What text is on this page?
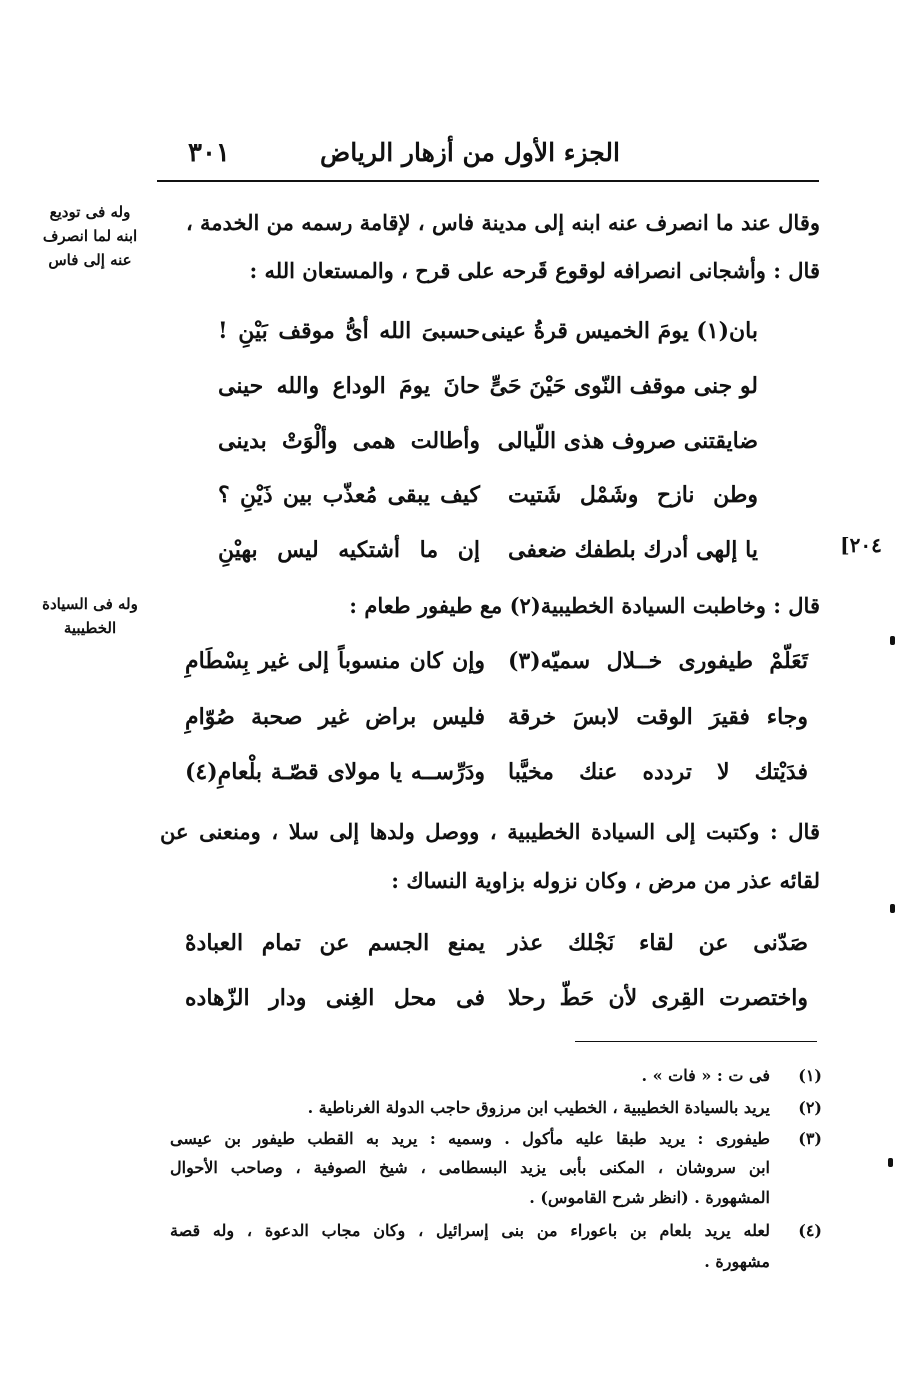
الجزء الأول من أزهار الرياض
٣٠١
وله فى توديع
ابنه لما انصرف
عنه إلى فاس
وله فى السيادة
الخطيبية
[٢٠٤
وقال عند ما انصرف عنه ابنه إلى مدينة فاس ، لإقامة رسمه من الخدمة ،
قال : وأشجانى انصرافه لوقوع قَرحه على قرح ، والمستعان الله :
بان(١) يومَ الخميس قرةُ عينى
حسبىَ الله أىُّ موقف بَيْنِ !
لو جنى موقف النّوى حَيْنَ حَىٍّ
حانَ يومَ الوداع والله حينى
ضايقتنى صروف هذى اللّيالى
وأطالت همى وألْوَتْ بدينى
وطن نازح وشَمْل شَتيت
كيف يبقى مُعذّب بين ذَيْنِ ؟
يا إلهى أدرك بلطفك ضعفى
إن ما أشتكيه ليس بهيْنِ
قال : وخاطبت السيادة الخطيبية(٢) مع طيفور طعام :
تَعَلّمْ طيفورى خــلال سميّه(٣)
وإن كان منسوباً إلى غير بِسْطَامِ
وجاء فقيرَ الوقت لابسَ خرقة
فليس براض غير صحبة صُوّامِ
فدَيْتك لا تردده عنك مخيَّبا
ودَرِّســه يا مولاى قصّـة بلْعامِ(٤)
قال : وكتبت إلى السيادة الخطيبية ، ووصل ولدها إلى سلا ، ومنعنى عن
لقائه عذر من مرض ، وكان نزوله بزاوية النساك :
صَدّنى عن لقاء نَجْلك عذر
يمنع الجسم عن تمام العبادهْ
واختصرت القِرى لأن حَطّ رحلا
فى محل الغِنى ودار الزّهاده
(١)
فى ت : « فات » .
(٢)
يريد بالسيادة الخطيبية ، الخطيب ابن مرزوق حاجب الدولة الغرناطية .
(٣)
طيفورى : يريد طبقا عليه مأكول . وسميه : يريد به القطب طيفور بن عيسى
ابن سروشان ، المكنى بأبى يزيد البسطامى ، شيخ الصوفية ، وصاحب الأحوال
المشهورة . (انظر شرح القاموس) .
(٤)
لعله يريد بلعام بن باعوراء من بنى إسرائيل ، وكان مجاب الدعوة ، وله قصة
مشهورة .
